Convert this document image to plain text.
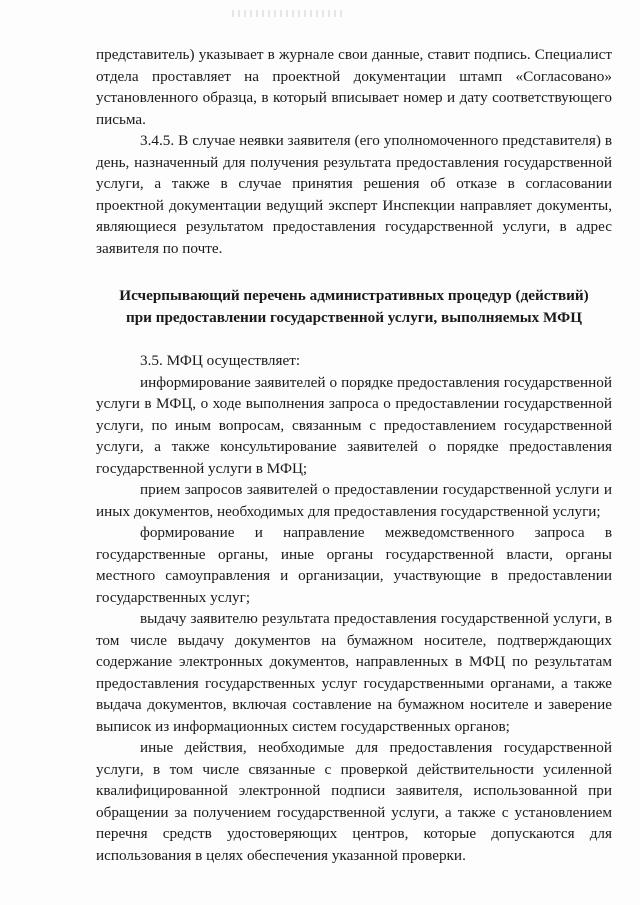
представитель) указывает в журнале свои данные, ставит подпись. Специалист отдела проставляет на проектной документации штамп «Согласовано» установленного образца, в который вписывает номер и дату соответствующего письма.

3.4.5. В случае неявки заявителя (его уполномоченного представителя) в день, назначенный для получения результата предоставления государственной услуги, а также в случае принятия решения об отказе в согласовании проектной документации ведущий эксперт Инспекции направляет документы, являющиеся результатом предоставления государственной услуги, в адрес заявителя по почте.

Исчерпывающий перечень административных процедур (действий)
при предоставлении государственной услуги, выполняемых МФЦ

3.5. МФЦ осуществляет:

информирование заявителей о порядке предоставления государственной услуги в МФЦ, о ходе выполнения запроса о предоставлении государственной услуги, по иным вопросам, связанным с предоставлением государственной услуги, а также консультирование заявителей о порядке предоставления государственной услуги в МФЦ;

прием запросов заявителей о предоставлении государственной услуги и иных документов, необходимых для предоставления государственной услуги;

формирование и направление межведомственного запроса в государственные органы, иные органы государственной власти, органы местного самоуправления и организации, участвующие в предоставлении государственных услуг;

выдачу заявителю результата предоставления государственной услуги, в том числе выдачу документов на бумажном носителе, подтверждающих содержание электронных документов, направленных в МФЦ по результатам предоставления государственных услуг государственными органами, а также выдача документов, включая составление на бумажном носителе и заверение выписок из информационных систем государственных органов;

иные действия, необходимые для предоставления государственной услуги, в том числе связанные с проверкой действительности усиленной квалифицированной электронной подписи заявителя, использованной при обращении за получением государственной услуги, а также с установлением перечня средств удостоверяющих центров, которые допускаются для использования в целях обеспечения указанной проверки.
